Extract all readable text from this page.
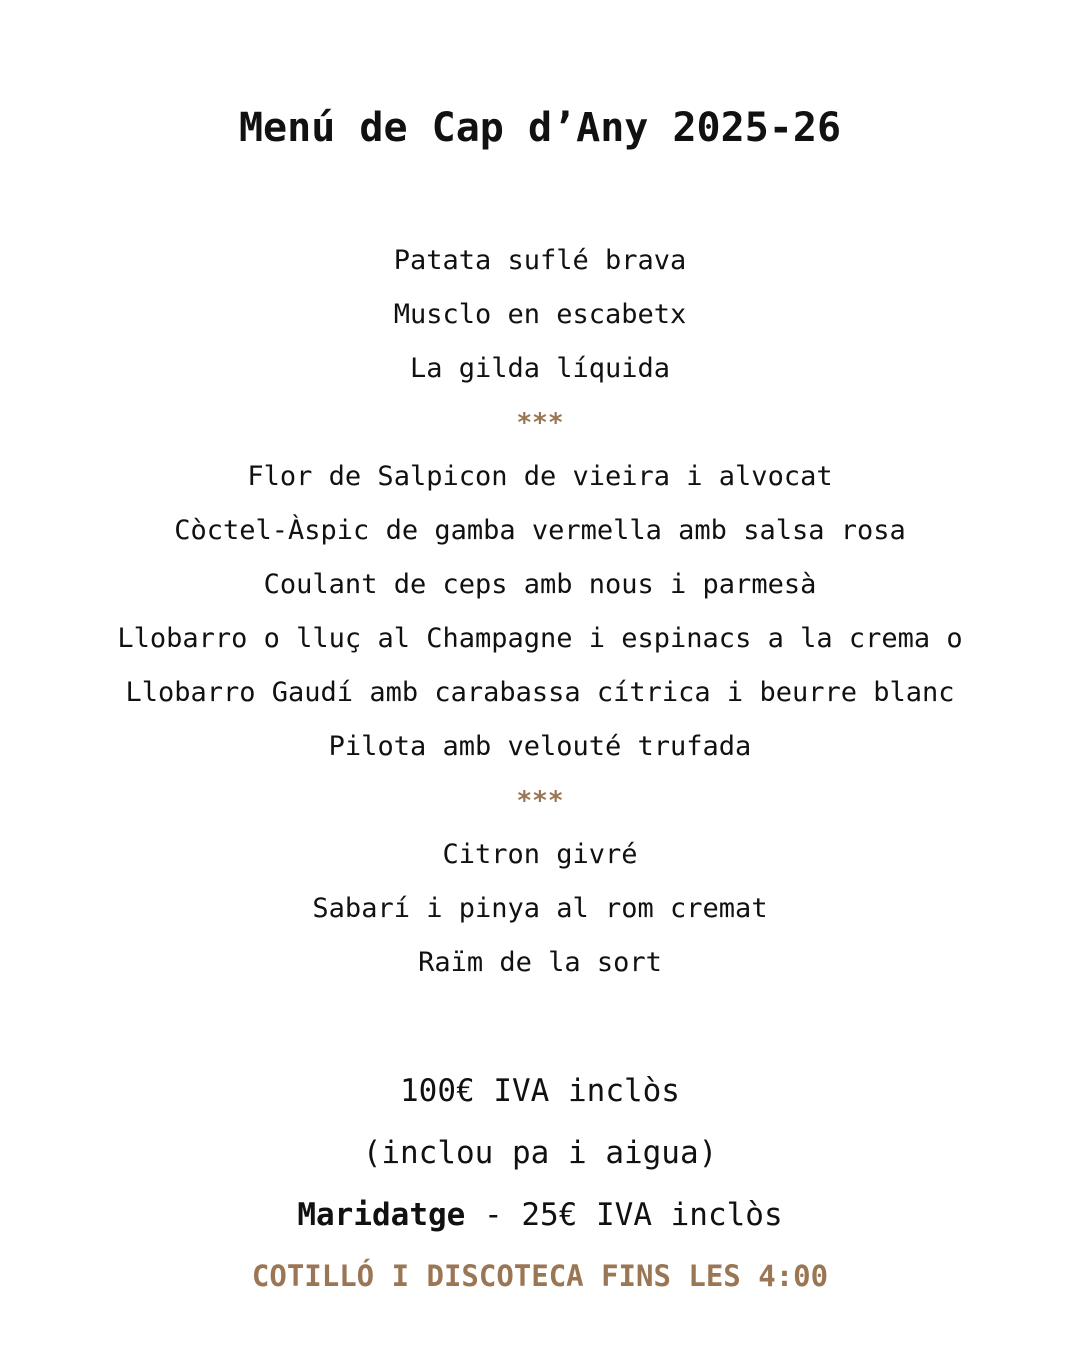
Menú de Cap d’Any 2025-26
Patata suflé brava
Musclo en escabetx
La gilda líquida
***
Flor de Salpicon de vieira i alvocat
Còctel-Àspic de gamba vermella amb salsa rosa
Coulant de ceps amb nous i parmesà
Llobarro o lluç al Champagne i espinacs a la crema o
Llobarro Gaudí amb carabassa cítrica i beurre blanc
Pilota amb velouté trufada
***
Citron givré
Sabarí i pinya al rom cremat
Raïm de la sort
100€ IVA inclòs
(inclou pa i aigua)
Maridatge - 25€ IVA inclòs
COTILLÓ I DISCOTECA FINS LES 4:00
